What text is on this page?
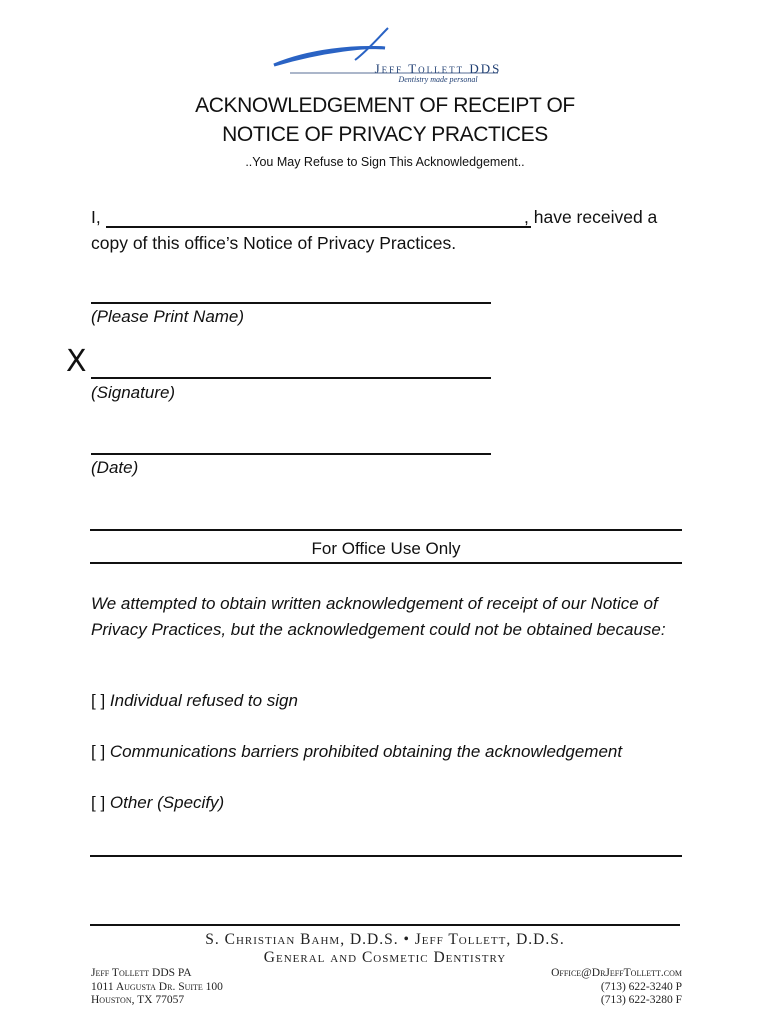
Jeff Tollett DDS
Dentistry made personal
ACKNOWLEDGEMENT OF RECEIPT OF
NOTICE OF PRIVACY PRACTICES
..You May Refuse to Sign This Acknowledgement..
I,	, have received a
copy of this office’s Notice of Privacy Practices.
(Please Print Name)
X
(Signature)
(Date)
For Office Use Only
We attempted to obtain written acknowledgement of receipt of our Notice of Privacy Practices, but the acknowledgement could not be obtained because:
[ ] Individual refused to sign
[ ] Communications barriers prohibited obtaining the acknowledgement
[ ] Other (Specify)
S. Christian Bahm, D.D.S. • Jeff Tollett, D.D.S.
General and Cosmetic Dentistry
Jeff Tollett DDS PA
1011 Augusta Dr. Suite 100
Houston, TX 77057
Office@DrJeffTollett.com
(713) 622-3240 P
(713) 622-3280 F
